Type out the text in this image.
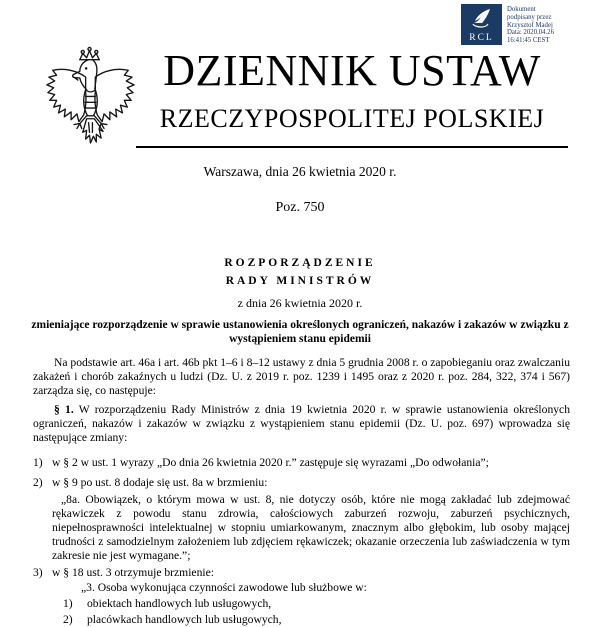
RCL
Dokument
podpisany przez
Krzysztof Madej
Data: 2020.04.26
16:41:45 CEST
DZIENNIK USTAW
RZECZYPOSPOLITEJ POLSKIEJ
Warszawa, dnia 26 kwietnia 2020 r.
Poz. 750
ROZPORZĄDZENIE
RADY MINISTRÓW
z dnia 26 kwietnia 2020 r.
zmieniające rozporządzenie w sprawie ustanowienia określonych ograniczeń, nakazów i zakazów w związku z wystąpieniem stanu epidemii

Na podstawie art. 46a i art. 46b pkt 1–6 i 8–12 ustawy z dnia 5 grudnia 2008 r. o zapobieganiu oraz zwalczaniu zakażeń i chorób zakaźnych u ludzi (Dz. U. z 2019 r. poz. 1239 i 1495 oraz z 2020 r. poz. 284, 322, 374 i 567) zarządza się, co następuje:

§ 1. W rozporządzeniu Rady Ministrów z dnia 19 kwietnia 2020 r. w sprawie ustanowienia określonych ograniczeń, nakazów i zakazów w związku z wystąpieniem stanu epidemii (Dz. U. poz. 697) wprowadza się następujące zmiany:

1) w § 2 w ust. 1 wyrazy „Do dnia 26 kwietnia 2020 r.” zastępuje się wyrazami „Do odwołania”;
2) w § 9 po ust. 8 dodaje się ust. 8a w brzmieniu:

„8a. Obowiązek, o którym mowa w ust. 8, nie dotyczy osób, które nie mogą zakładać lub zdejmować rękawiczek z powodu stanu zdrowia, całościowych zaburzeń rozwoju, zaburzeń psychicznych, niepełnosprawności intelektualnej w stopniu umiarkowanym, znacznym albo głębokim, lub osoby mającej trudności z samodzielnym założeniem lub zdjęciem rękawiczek; okazanie orzeczenia lub zaświadczenia w tym zakresie nie jest wymagane.”;

3) w § 18 ust. 3 otrzymuje brzmienie:

„3. Osoba wykonująca czynności zawodowe lub służbowe w:

1) obiektach handlowych lub usługowych,
2) placówkach handlowych lub usługowych,
